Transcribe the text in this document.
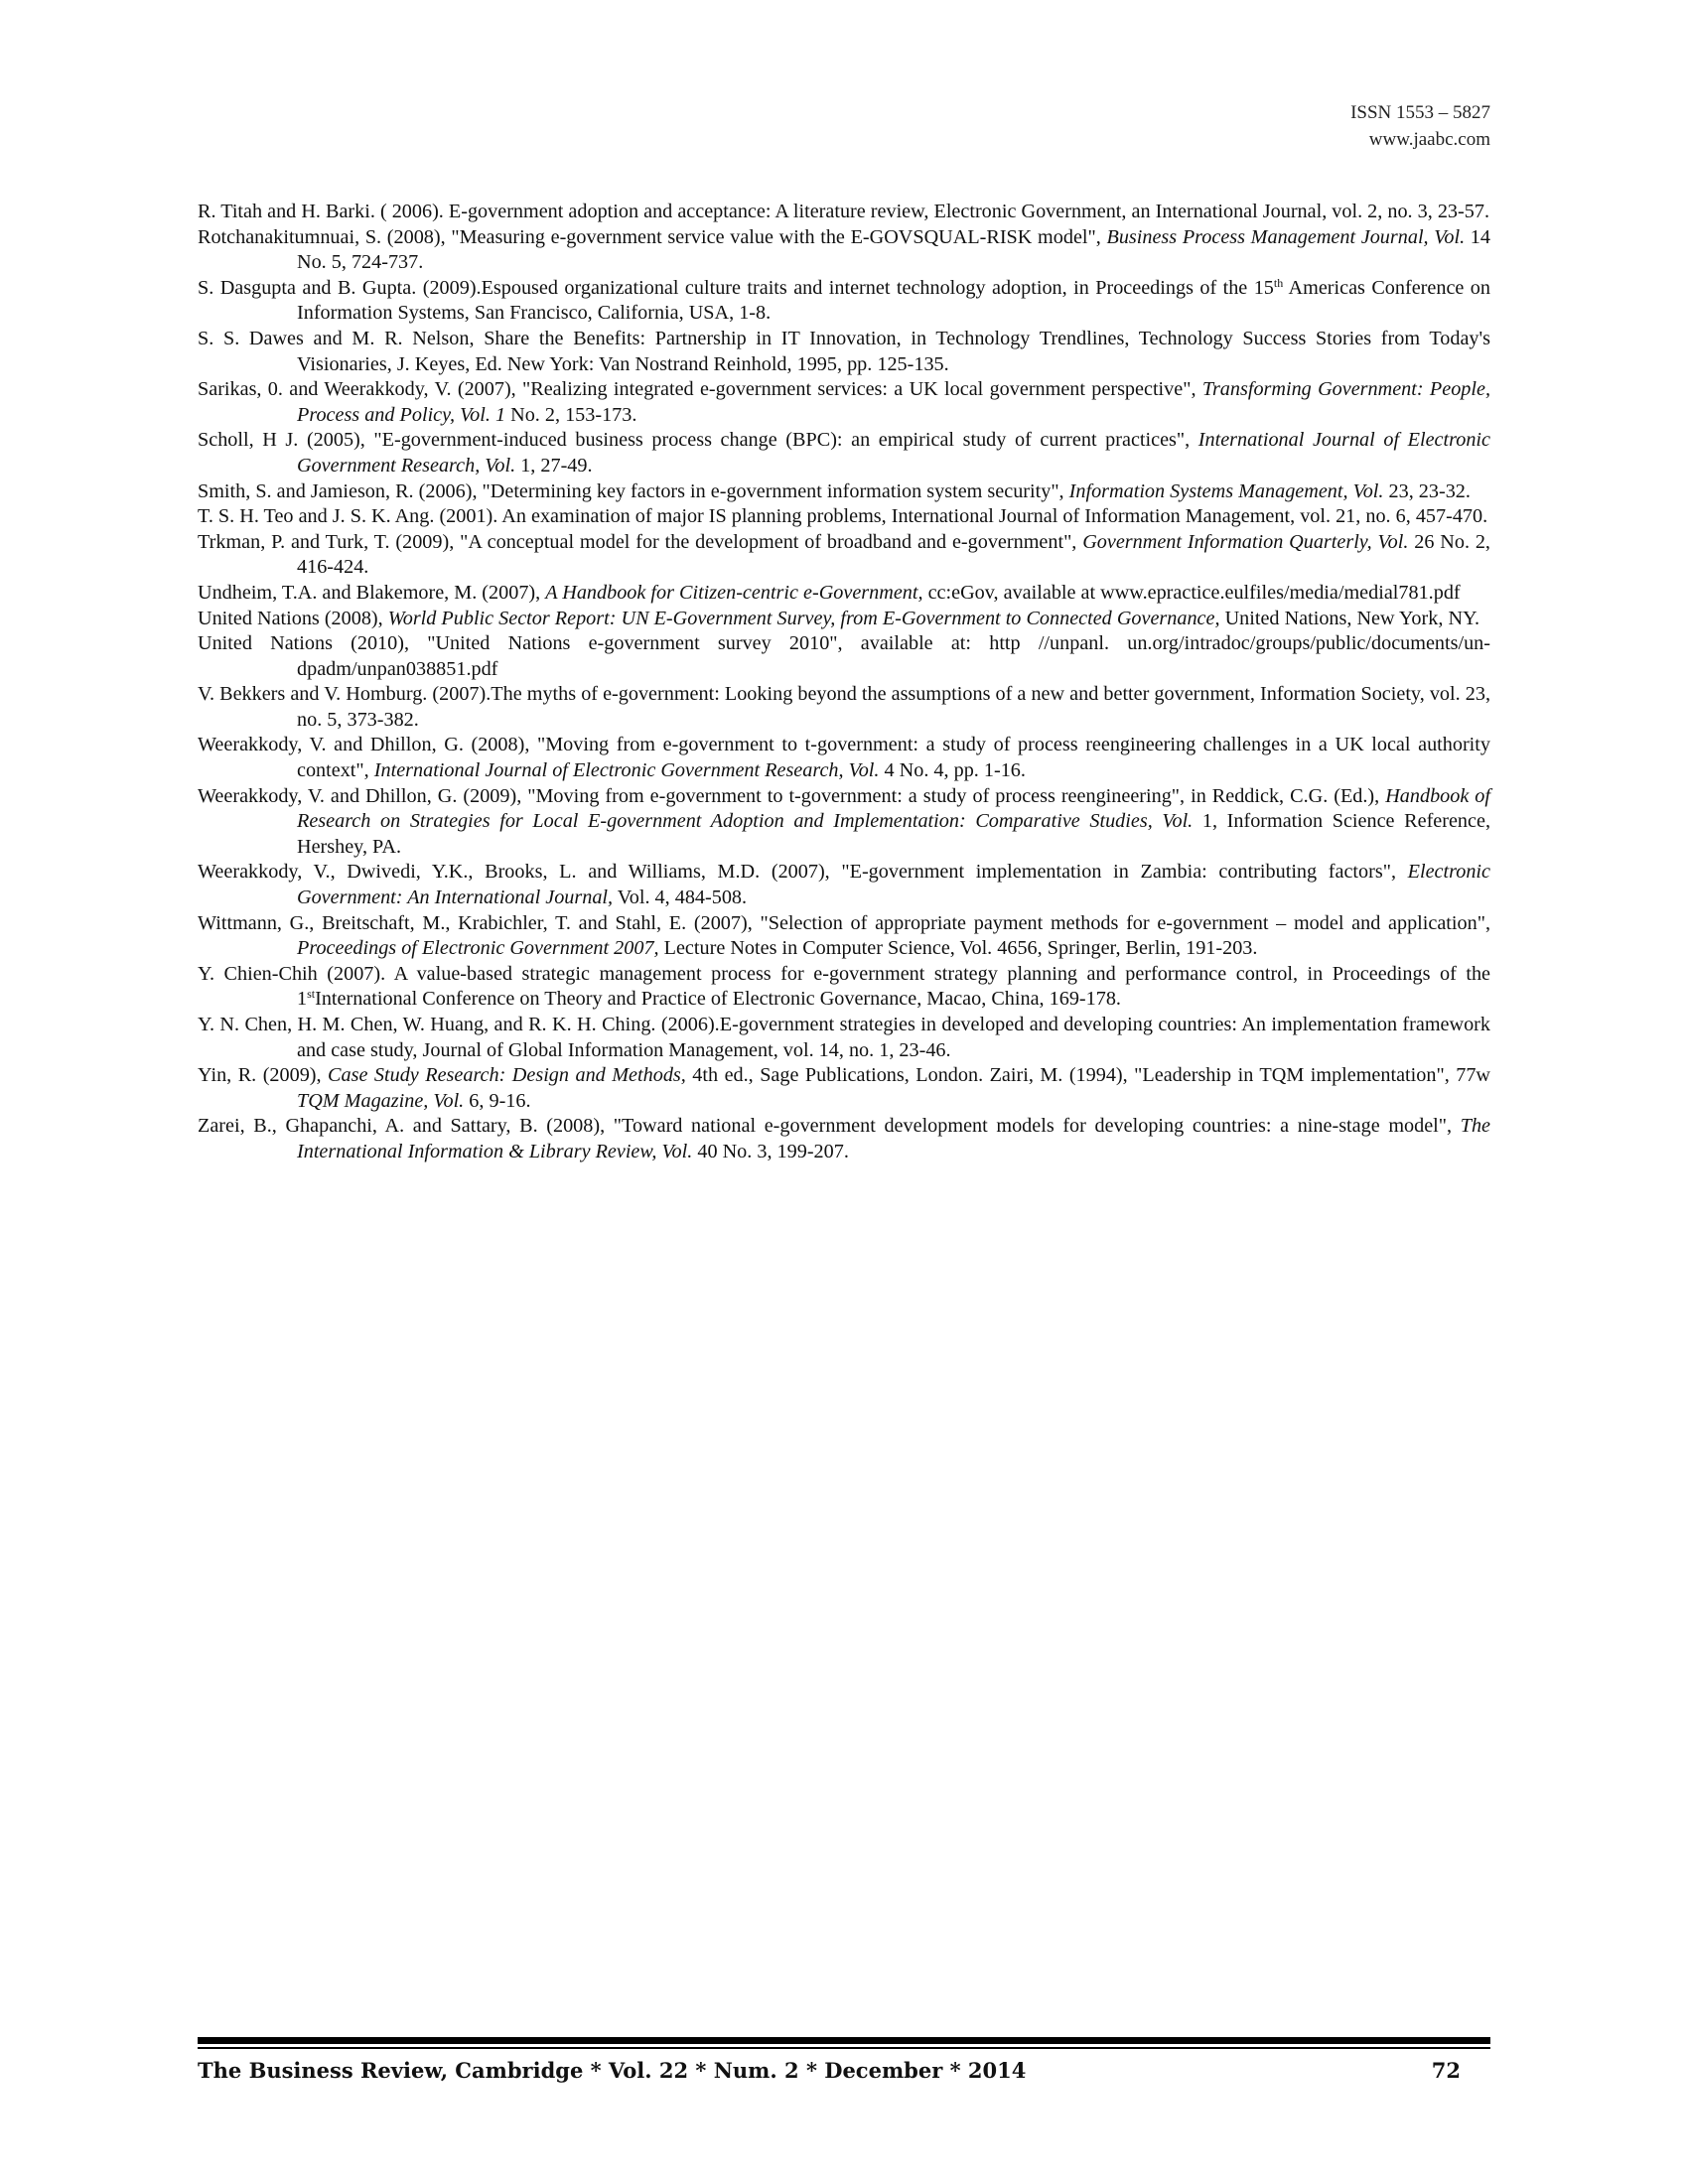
ISSN 1553 – 5827
www.jaabc.com

R. Titah and H. Barki. ( 2006). E-government adoption and acceptance: A literature review, Electronic Government, an International Journal, vol. 2, no. 3, 23-57.

Rotchanakitumnuai, S. (2008), "Measuring e-government service value with the E-GOVSQUAL-RISK model", Business Process Management Journal, Vol. 14 No. 5, 724-737.

S. Dasgupta and B. Gupta. (2009).Espoused organizational culture traits and internet technology adoption, in Proceedings of the 15th Americas Conference on Information Systems, San Francisco, California, USA, 1-8.

S. S. Dawes and M. R. Nelson, Share the Benefits: Partnership in IT Innovation, in Technology Trendlines, Technology Success Stories from Today's Visionaries, J. Keyes, Ed. New York: Van Nostrand Reinhold, 1995, pp. 125-135.

Sarikas, 0. and Weerakkody, V. (2007), "Realizing integrated e-government services: a UK local government perspective", Transforming Government: People, Process and Policy, Vol. 1 No. 2, 153-173.

Scholl, H J. (2005), "E-government-induced business process change (BPC): an empirical study of current practices", International Journal of Electronic Government Research, Vol. 1, 27-49.

Smith, S. and Jamieson, R. (2006), "Determining key factors in e-government information system security", Information Systems Management, Vol. 23, 23-32.

T. S. H. Teo and J. S. K. Ang. (2001). An examination of major IS planning problems, International Journal of Information Management, vol. 21, no. 6, 457-470.

Trkman, P. and Turk, T. (2009), "A conceptual model for the development of broadband and e-government", Government Information Quarterly, Vol. 26 No. 2, 416-424.

Undheim, T.A. and Blakemore, M. (2007), A Handbook for Citizen-centric e-Government, cc:eGov, available at www.epractice.eulfiles/media/medial781.pdf

United Nations (2008), World Public Sector Report: UN E-Government Survey, from E-Government to Connected Governance, United Nations, New York, NY.

United Nations (2010), "United Nations e-government survey 2010", available at: http //unpanl. un.org/intradoc/groups/public/documents/un-dpadm/unpan038851.pdf

V. Bekkers and V. Homburg. (2007).The myths of e-government: Looking beyond the assumptions of a new and better government, Information Society, vol. 23, no. 5, 373-382.

Weerakkody, V. and Dhillon, G. (2008), "Moving from e-government to t-government: a study of process reengineering challenges in a UK local authority context", International Journal of Electronic Government Research, Vol. 4 No. 4, pp. 1-16.

Weerakkody, V. and Dhillon, G. (2009), "Moving from e-government to t-government: a study of process reengineering", in Reddick, C.G. (Ed.), Handbook of Research on Strategies for Local E-government Adoption and Implementation: Comparative Studies, Vol. 1, Information Science Reference, Hershey, PA.

Weerakkody, V., Dwivedi, Y.K., Brooks, L. and Williams, M.D. (2007), "E-government implementation in Zambia: contributing factors", Electronic Government: An International Journal, Vol. 4, 484-508.

Wittmann, G., Breitschaft, M., Krabichler, T. and Stahl, E. (2007), "Selection of appropriate payment methods for e-government – model and application", Proceedings of Electronic Government 2007, Lecture Notes in Computer Science, Vol. 4656, Springer, Berlin, 191-203.

Y. Chien-Chih (2007). A value-based strategic management process for e-government strategy planning and performance control, in Proceedings of the 1stInternational Conference on Theory and Practice of Electronic Governance, Macao, China, 169-178.

Y. N. Chen, H. M. Chen, W. Huang, and R. K. H. Ching. (2006).E-government strategies in developed and developing countries: An implementation framework and case study, Journal of Global Information Management, vol. 14, no. 1, 23-46.

Yin, R. (2009), Case Study Research: Design and Methods, 4th ed., Sage Publications, London. Zairi, M. (1994), "Leadership in TQM implementation", 77w TQM Magazine, Vol. 6, 9-16.

Zarei, B., Ghapanchi, A. and Sattary, B. (2008), "Toward national e-government development models for developing countries: a nine-stage model", The International Information & Library Review, Vol. 40 No. 3, 199-207.

The Business Review, Cambridge * Vol. 22 * Num. 2 * December * 2014	72
